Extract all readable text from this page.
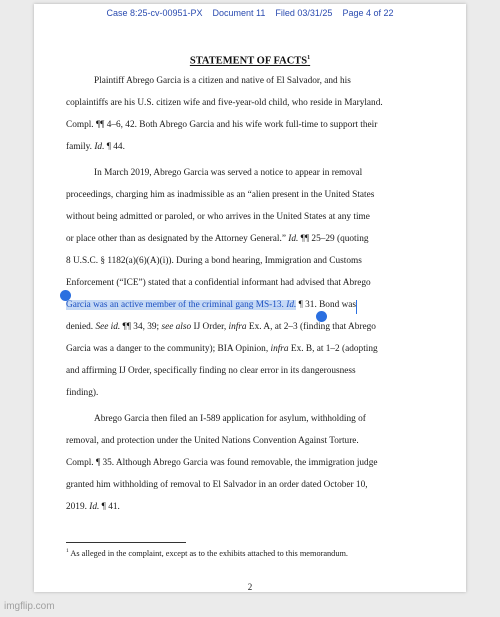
Case 8:25-cv-00951-PX    Document 11    Filed 03/31/25    Page 4 of 22
STATEMENT OF FACTS$^1$
Plaintiff Abrego Garcia is a citizen and native of El Salvador, and his
coplaintiffs are his U.S. citizen wife and five-year-old child, who reside in Maryland.
Compl. ¶¶ 4–6, 42. Both Abrego Garcia and his wife work full-time to support their
family. Id. ¶ 44.
In March 2019, Abrego Garcia was served a notice to appear in removal
proceedings, charging him as inadmissible as an “alien present in the United States
without being admitted or paroled, or who arrives in the United States at any time
or place other than as designated by the Attorney General.” Id. ¶¶ 25–29 (quoting
8 U.S.C. § 1182(a)(6)(A)(i)). During a bond hearing, Immigration and Customs
Enforcement (“ICE”) stated that a confidential informant had advised that Abrego
Garcia was an active member of the criminal gang MS-13. Id. ¶ 31. Bond was
denied. See id. ¶¶ 34, 39; see also IJ Order, infra Ex. A, at 2–3 (finding that Abrego
Garcia was a danger to the community); BIA Opinion, infra Ex. B, at 1–2 (adopting
and affirming IJ Order, specifically finding no clear error in its dangerousness
finding).
Abrego Garcia then filed an I-589 application for asylum, withholding of
removal, and protection under the United Nations Convention Against Torture.
Compl. ¶ 35. Although Abrego Garcia was found removable, the immigration judge
granted him withholding of removal to El Salvador in an order dated October 10,
2019. Id. ¶ 41.
$^1$ As alleged in the complaint, except as to the exhibits attached to this memorandum.
2
imgflip.com
